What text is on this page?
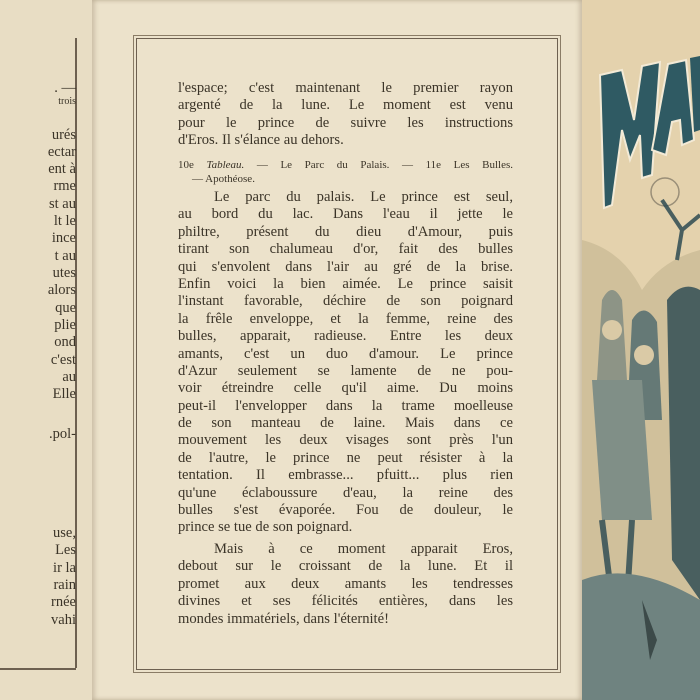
. —
trois
urés
ectar
ent à
rme
st au
lt le
ince
t au
utes
alors
que
plie
ond
c'est
au
Elle
.pol-
use,
Les
ir la
rain
rnée
vahi
l'espace; c'est maintenant le premier rayon
argenté de la lune. Le moment est venu
pour le prince de suivre les instructions
d'Eros. Il s'élance au dehors.
10e Tableau. — Le Parc du Palais. — 11e Les Bulles.
— Apothéose.
Le parc du palais. Le prince est seul,
au bord du lac. Dans l'eau il jette le
philtre, présent du dieu d'Amour, puis
tirant son chalumeau d'or, fait des bulles
qui s'envolent dans l'air au gré de la brise.
Enfin voici la bien aimée. Le prince saisit
l'instant favorable, déchire de son poignard
la frêle enveloppe, et la femme, reine des
bulles, apparait, radieuse. Entre les deux
amants, c'est un duo d'amour. Le prince
d'Azur seulement se lamente de ne pou-
voir étreindre celle qu'il aime. Du moins
peut-il l'envelopper dans la trame moelleuse
de son manteau de laine. Mais dans ce
mouvement les deux visages sont près l'un
de l'autre, le prince ne peut résister à la
tentation. Il embrasse... pfuitt... plus rien
qu'une éclaboussure d'eau, la reine des
bulles s'est évaporée. Fou de douleur, le
prince se tue de son poignard.
Mais à ce moment apparait Eros,
debout sur le croissant de la lune. Et il
promet aux deux amants les tendresses
divines et ses félicités entières, dans les
mondes immatériels, dans l'éternité!
